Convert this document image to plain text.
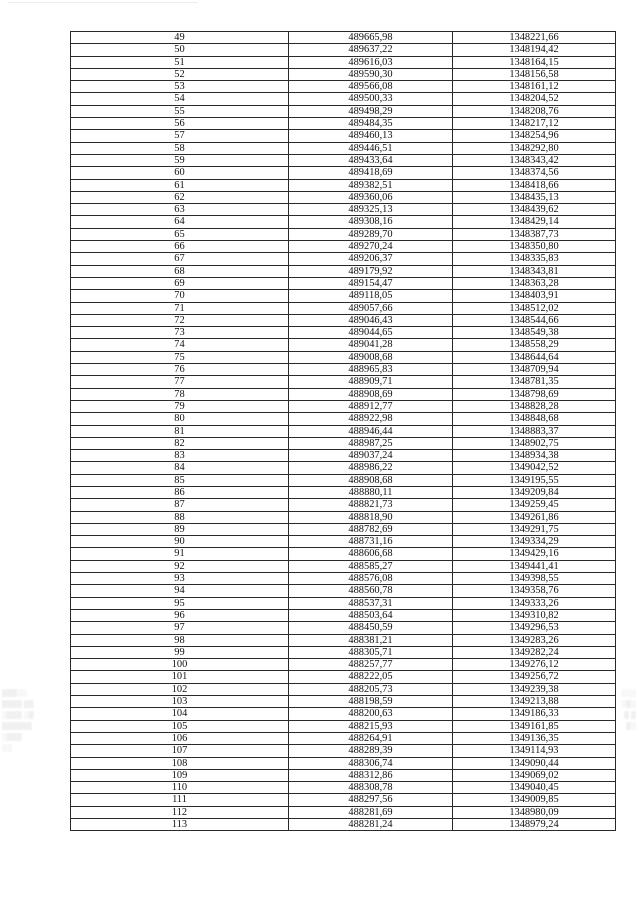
49	489665,98	1348221,66
50	489637,22	1348194,42
51	489616,03	1348164,15
52	489590,30	1348156,58
53	489566,08	1348161,12
54	489500,33	1348204,52
55	489498,29	1348208,76
56	489484,35	1348217,12
57	489460,13	1348254,96
58	489446,51	1348292,80
59	489433,64	1348343,42
60	489418,69	1348374,56
61	489382,51	1348418,66
62	489360,06	1348435,13
63	489325,13	1348439,62
64	489308,16	1348429,14
65	489289,70	1348387,73
66	489270,24	1348350,80
67	489206,37	1348335,83
68	489179,92	1348343,81
69	489154,47	1348363,28
70	489118,05	1348403,91
71	489057,66	1348512,02
72	489046,43	1348544,66
73	489044,65	1348549,38
74	489041,28	1348558,29
75	489008,68	1348644,64
76	488965,83	1348709,94
77	488909,71	1348781,35
78	488908,69	1348798,69
79	488912,77	1348828,28
80	488922,98	1348848,68
81	488946,44	1348883,37
82	488987,25	1348902,75
83	489037,24	1348934,38
84	488986,22	1349042,52
85	488908,68	1349195,55
86	488880,11	1349209,84
87	488821,73	1349259,45
88	488818,90	1349261,86
89	488782,69	1349291,75
90	488731,16	1349334,29
91	488606,68	1349429,16
92	488585,27	1349441,41
93	488576,08	1349398,55
94	488560,78	1349358,76
95	488537,31	1349333,26
96	488503,64	1349310,82
97	488450,59	1349296,53
98	488381,21	1349283,26
99	488305,71	1349282,24
100	488257,77	1349276,12
101	488222,05	1349256,72
102	488205,73	1349239,38
103	488198,59	1349213,88
104	488200,63	1349186,33
105	488215,93	1349161,85
106	488264,91	1349136,35
107	488289,39	1349114,93
108	488306,74	1349090,44
109	488312,86	1349069,02
110	488308,78	1349040,45
111	488297,56	1349009,85
112	488281,69	1348980,09
113	488281,24	1348979,24
▒▒▒░░
▒▒▒▒ ▒▒
░▒▒▒ ░▒
▒▒▒▒▒▒
░▒▒▒
░░
░░░
░▒░
▒ ▒
▒░
